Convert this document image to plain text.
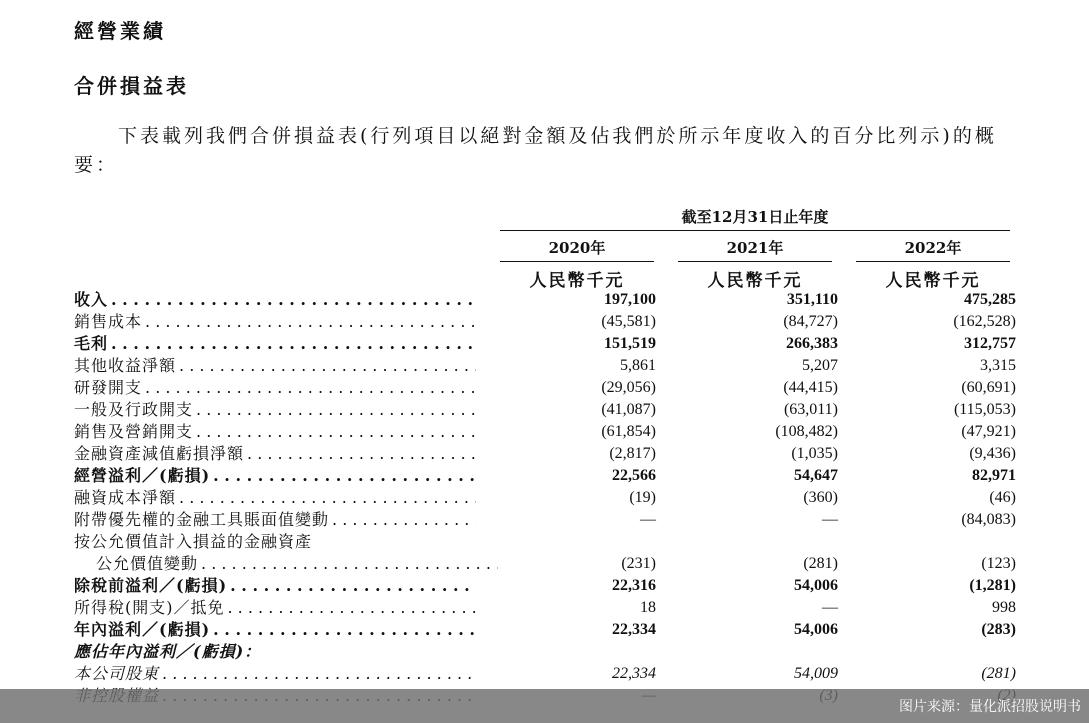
經營業績
合併損益表

下表載列我們合併損益表(行列項目以絕對金額及佔我們於所示年度收入的百分比列示)的概要：

截至12月31日止年度
2020年	2021年	2022年
人民幣千元	人民幣千元	人民幣千元
收入
. . .	197,100	351,110	475,285
銷售成本
. . .	(45,581)	(84,727)	(162,528)
毛利
. . .	151,519	266,383	312,757
其他收益淨額
. . .	5,861	5,207	3,315
研發開支
. . .	(29,056)	(44,415)	(60,691)
一般及行政開支
. . .	(41,087)	(63,011)	(115,053)
銷售及營銷開支
. . .	(61,854)	(108,482)	(47,921)
金融資產減值虧損淨額
. . .	(2,817)	(1,035)	(9,436)
經營溢利／(虧損)
. . .	22,566	54,647	82,971
融資成本淨額
. . .	(19)	(360)	(46)
附帶優先權的金融工具賬面值變動
. . .	—	—	(84,083)
按公允價值計入損益的金融資產
公允價值變動
. . .	(231)	(281)	(123)
除稅前溢利／(虧損)
. . .	22,316	54,006	(1,281)
所得稅(開支)／抵免
. . .	18	—	998
年內溢利／(虧損)
. . .	22,334	54,006	(283)
應佔年內溢利／(虧損)：
本公司股東
. . .	22,334	54,009	(281)
. . .
图片来源：量化派招股说明书
